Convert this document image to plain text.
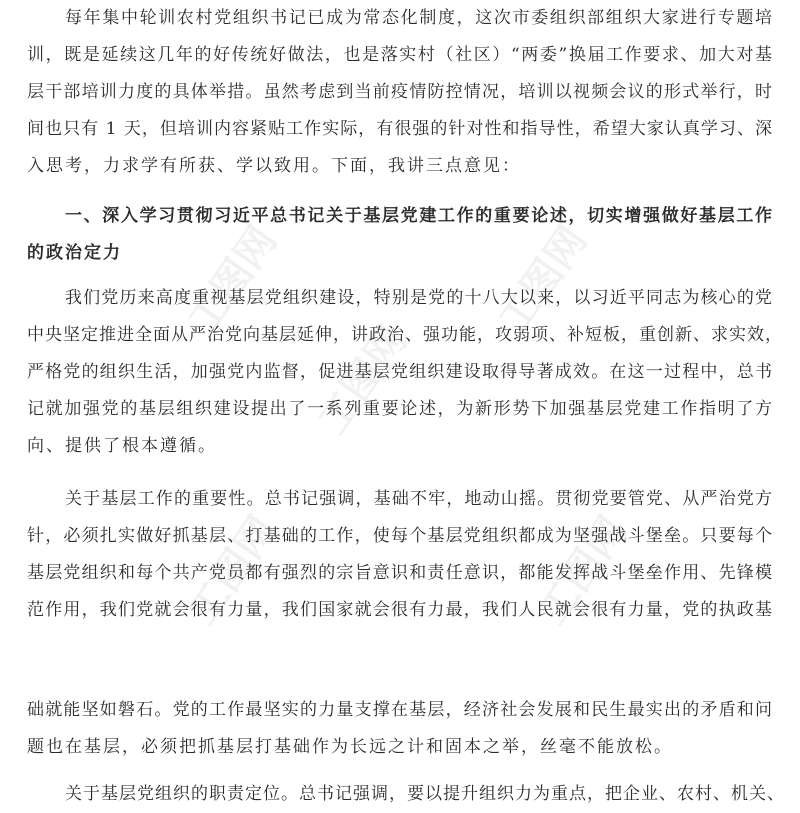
工图网	工图网
工图网
工图网	工图网
每年集中轮训农村党组织书记已成为常态化制度，这次市委组织部组织大家进行专题培
训，既是延续这几年的好传统好做法，也是落实村（社区）“两委”换届工作要求、加大对基
层干部培训力度的具体举措。虽然考虑到当前疫情防控情况，培训以视频会议的形式举行，时
间也只有 1 天，但培训内容紧贴工作实际，有很强的针对性和指导性，希望大家认真学习、深
入思考，力求学有所获、学以致用。下面，我讲三点意见：
一、深入学习贯彻习近平总书记关于基层党建工作的重要论述，切实增强做好基层工作
的政治定力
我们党历来高度重视基层党组织建设，特别是党的十八大以来，以习近平同志为核心的党
中央坚定推进全面从严治党向基层延伸，讲政治、强功能，攻弱项、补短板，重创新、求实效，
严格党的组织生活，加强党内监督，促进基层党组织建设取得导著成效。在这一过程中，总书
记就加强党的基层组织建设提出了一系列重要论述，为新形势下加强基层党建工作指明了方
向、提供了根本遵循。
关于基层工作的重要性。总书记强调，基础不牢，地动山摇。贯彻党要管党、从严治党方
针，必须扎实做好抓基层、打基础的工作，使每个基层党组织都成为坚强战斗堡垒。只要每个
基层党组织和每个共产党员都有强烈的宗旨意识和责任意识，都能发挥战斗堡垒作用、先锋模
范作用，我们党就会很有力量，我们国家就会很有力最，我们人民就会很有力量，党的执政基
础就能坚如磐石。党的工作最坚实的力量支撑在基层，经济社会发展和民生最实出的矛盾和问
题也在基层，必须把抓基层打基础作为长远之计和固本之举，丝毫不能放松。
关于基层党组织的职责定位。总书记强调，要以提升组织力为重点，把企业、农村、机关、
